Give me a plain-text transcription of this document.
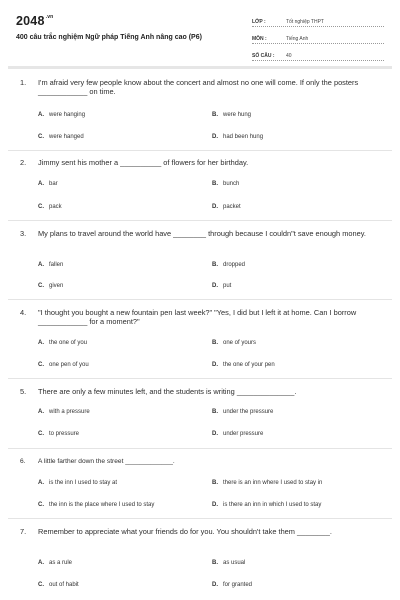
$2048^{.vn}$
400 câu trắc nghiệm Ngữ pháp Tiếng Anh nâng cao (P6)
LỚP :	Tốt nghiệp THPT
MÔN :	Tiếng Anh
SỐ CÂU :	40
1.	I'm afraid very few people know about the concert and almost no one will come. If only the posters ____________ on time.
A. were hanging	B. were hung
C. were hanged	D. had been hung
2.	Jimmy sent his mother a __________ of flowers for her birthday.
A. bar	B. bunch
C. pack	D. packet
3.	My plans to travel around the world have ________ through because I couldn"t save enough money.
A. fallen	B. dropped
C. given	D. put
4.	"I thought you bought a new fountain pen last week?" "Yes, I did but I left it at home. Can I borrow ____________ for a moment?"
A. the one of you	B. one of yours
C. one pen of you	D. the one of your pen
5.	There are only a few minutes left, and the students is writing ______________.
A. with a pressure	B. under the pressure
C. to pressure	D. under pressure
6.	A little farther down the street _____________.
A. is the inn I used to stay at	B. there is an inn where I used to stay in
C. the inn is the place where I used to stay	D. is there an inn in which I used to stay
7.	Remember to appreciate what your friends do for you. You shouldn't take them ________.
A. as a rule	B. as usual
C. out of habit	D. for granted
